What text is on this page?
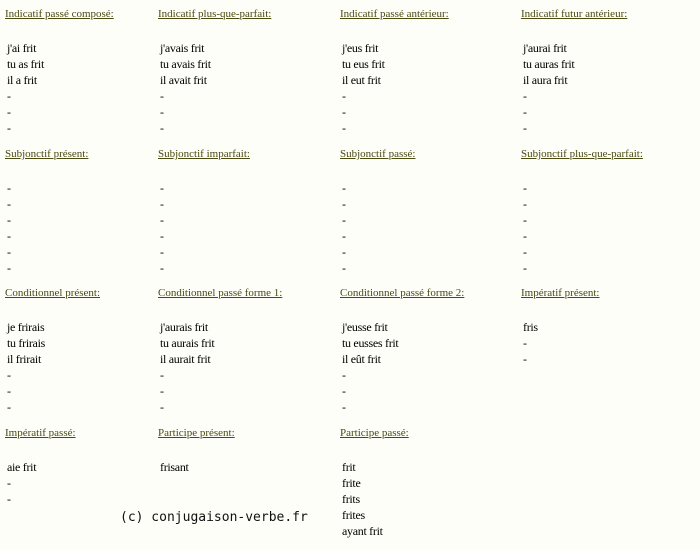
Indicatif passé composé:
j'ai frit
tu as frit
il a frit
-
-
-
Indicatif plus-que-parfait:
j'avais frit
tu avais frit
il avait frit
-
-
-
Indicatif passé antérieur:
j'eus frit
tu eus frit
il eut frit
-
-
-
Indicatif futur antérieur:
j'aurai frit
tu auras frit
il aura frit
-
-
-
Subjonctif présent:
-
-
-
-
-
-
Subjonctif imparfait:
-
-
-
-
-
-
Subjonctif passé:
-
-
-
-
-
-
Subjonctif plus-que-parfait:
-
-
-
-
-
-
Conditionnel présent:
je frirais
tu frirais
il frirait
-
-
-
Conditionnel passé forme 1:
j'aurais frit
tu aurais frit
il aurait frit
-
-
-
Conditionnel passé forme 2:
j'eusse frit
tu eusses frit
il eût frit
-
-
-
Impératif présent:
fris
-
-
Impératif passé:
aie frit
-
-
Participe présent:
frisant
Participe passé:
frit
frite
frits
frites
ayant frit
(c) conjugaison-verbe.fr
